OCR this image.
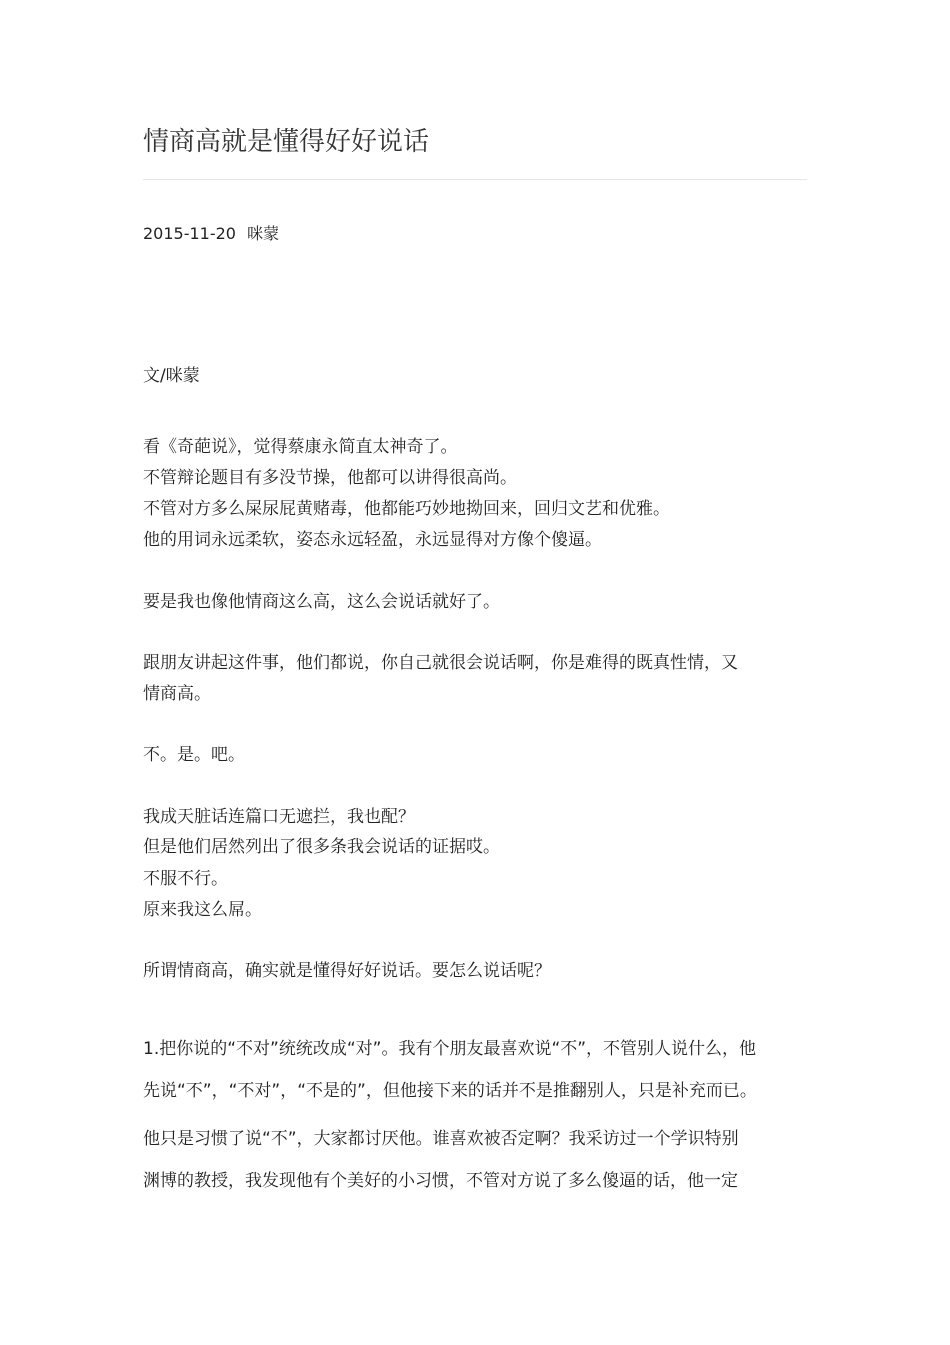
情商高就是懂得好好说话
2015-11-20 咪蒙

文/咪蒙

看《奇葩说》，觉得蔡康永简直太神奇了。

不管辩论题目有多没节操，他都可以讲得很高尚。

不管对方多么屎尿屁黄赌毒，他都能巧妙地拗回来，回归文艺和优雅。

他的用词永远柔软，姿态永远轻盈，永远显得对方像个傻逼。

要是我也像他情商这么高，这么会说话就好了。

跟朋友讲起这件事，他们都说，你自己就很会说话啊，你是难得的既真性情，又

情商高。

不。是。吧。

我成天脏话连篇口无遮拦，我也配？

但是他们居然列出了很多条我会说话的证据哎。

不服不行。

原来我这么屌。

所谓情商高，确实就是懂得好好说话。要怎么说话呢？

1.把你说的“不对”统统改成“对”。我有个朋友最喜欢说“不”，不管别人说什么，他

先说“不”，“不对”，“不是的”，但他接下来的话并不是推翻别人，只是补充而已。

他只是习惯了说“不”，大家都讨厌他。谁喜欢被否定啊？我采访过一个学识特别

渊博的教授，我发现他有个美好的小习惯，不管对方说了多么傻逼的话，他一定
